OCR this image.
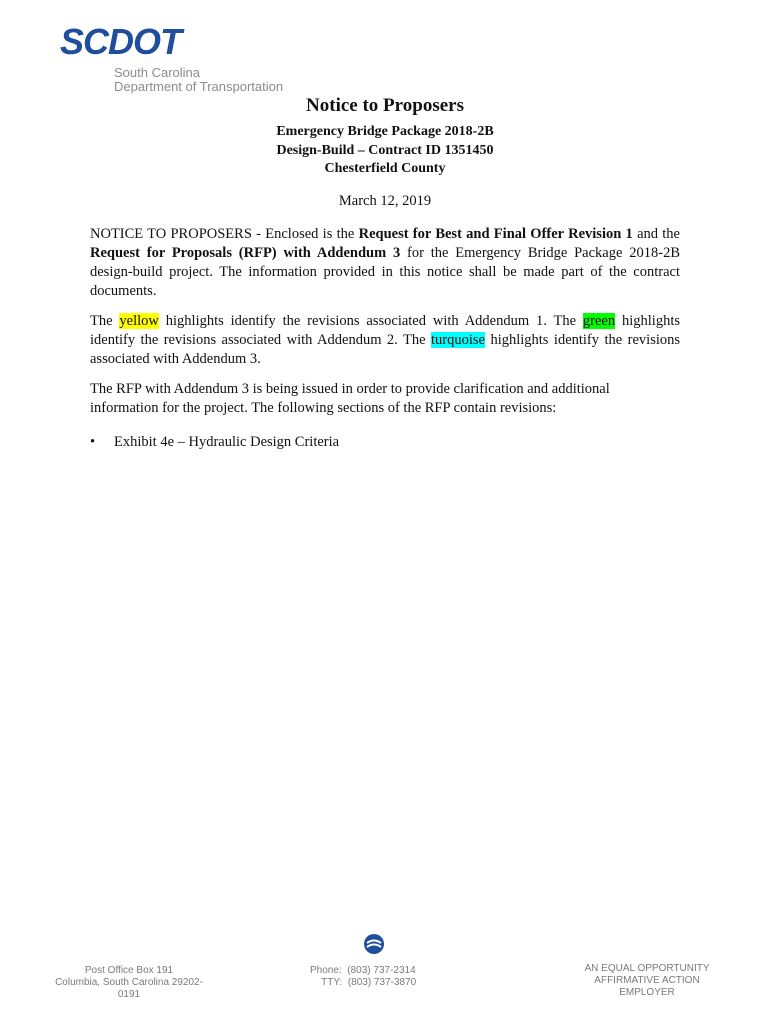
SCDOT
South Carolina
Department of Transportation
Notice to Proposers
Emergency Bridge Package 2018-2B
Design-Build – Contract ID 1351450
Chesterfield County
March 12, 2019
NOTICE TO PROPOSERS - Enclosed is the Request for Best and Final Offer Revision 1 and the Request for Proposals (RFP) with Addendum 3 for the Emergency Bridge Package 2018-2B design-build project. The information provided in this notice shall be made part of the contract documents.
The yellow highlights identify the revisions associated with Addendum 1. The green highlights identify the revisions associated with Addendum 2. The turquoise highlights identify the revisions associated with Addendum 3.
The RFP with Addendum 3 is being issued in order to provide clarification and additional information for the project. The following sections of the RFP contain revisions:
• Exhibit 4e – Hydraulic Design Criteria
Post Office Box 191
Columbia, South Carolina 29202-0191
Phone: (803) 737-2314
TTY: (803) 737-3870
AN EQUAL OPPORTUNITY
AFFIRMATIVE ACTION EMPLOYER
